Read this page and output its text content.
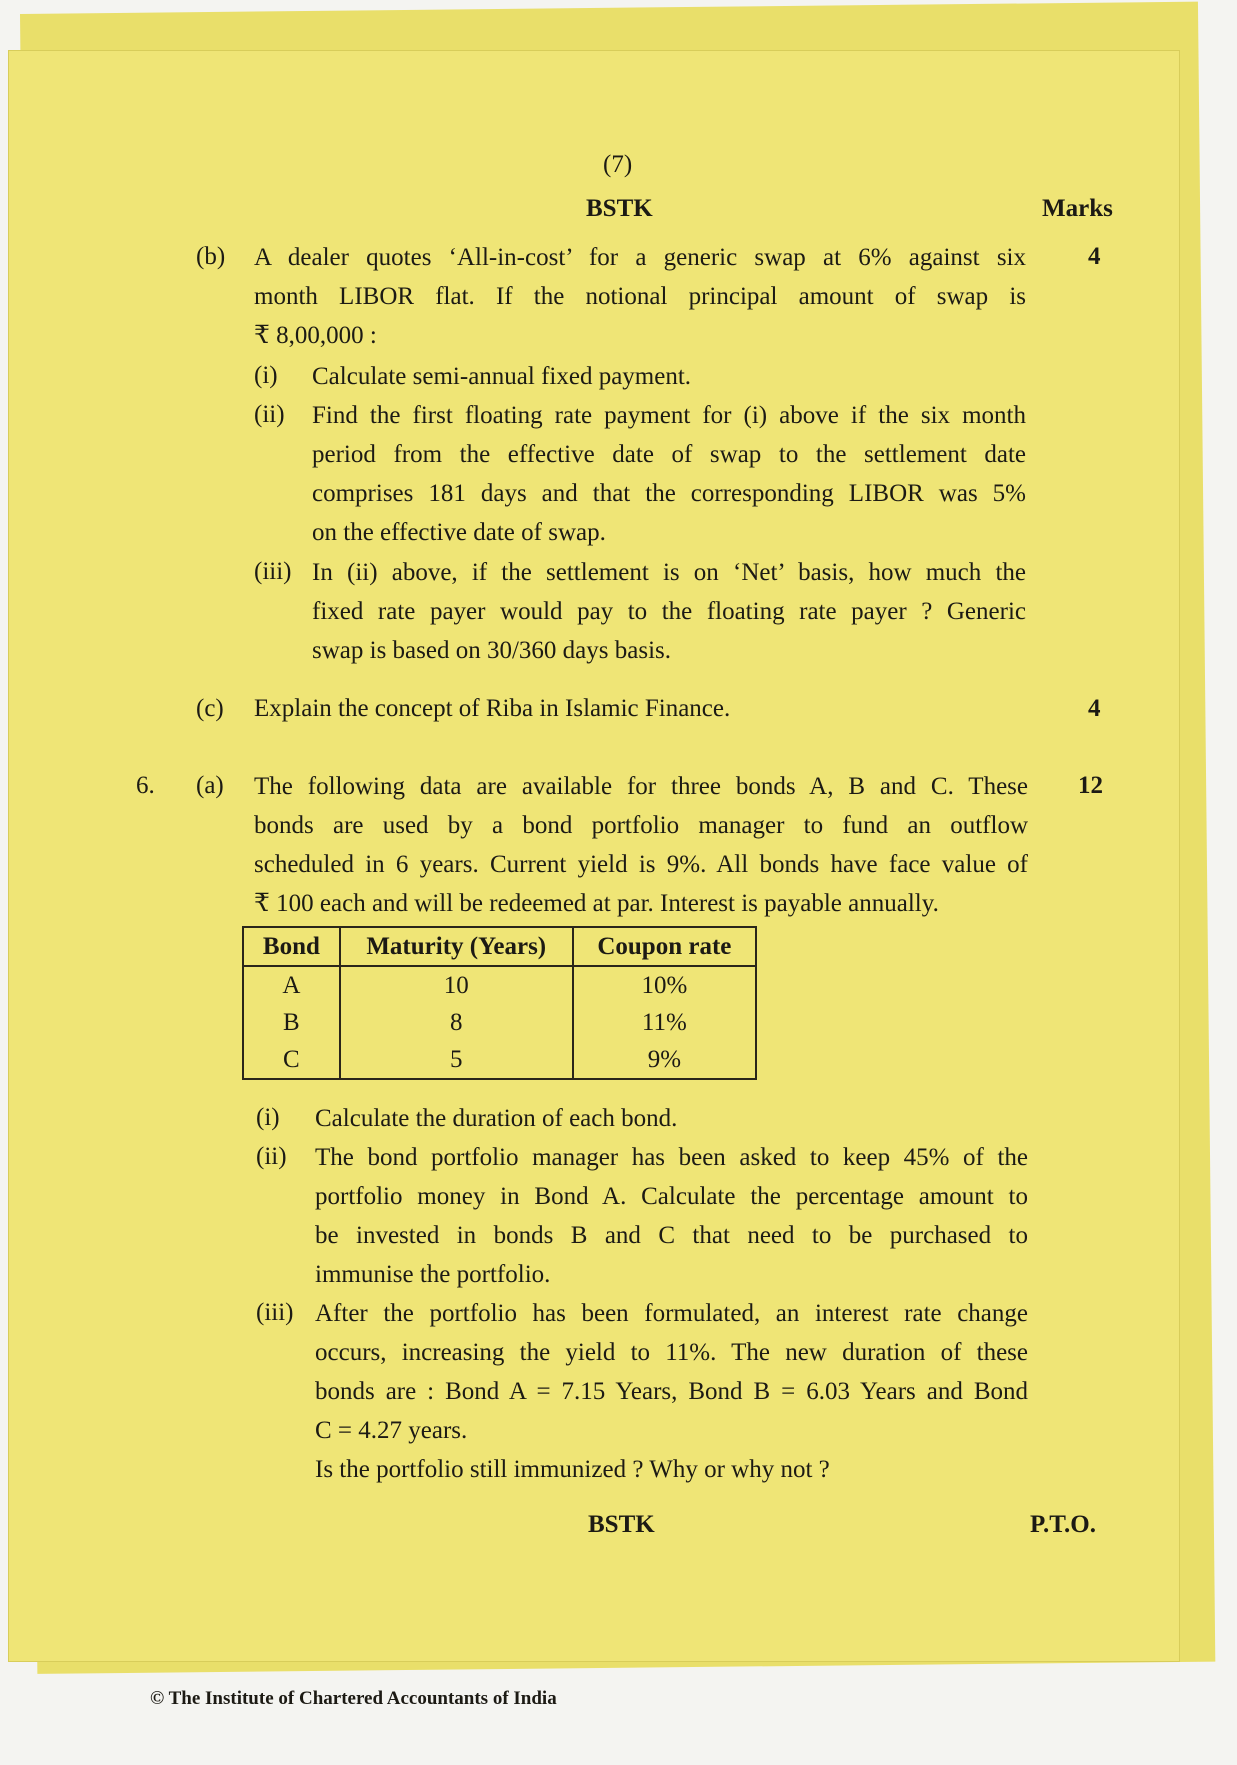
(7)
BSTK	Marks
(b)	4
A dealer quotes ‘All-in-cost’ for a generic swap at 6% against six
month LIBOR flat. If the notional principal amount of swap is
₹ 8,00,000 :
(i) Calculate semi-annual fixed payment.
(ii) Find the first floating rate payment for (i) above if the six month
period from the effective date of swap to the settlement date
comprises 181 days and that the corresponding LIBOR was 5%
on the effective date of swap.
(iii) In (ii) above, if the settlement is on ‘Net’ basis, how much the
fixed rate payer would pay to the floating rate payer ? Generic
swap is based on 30/360 days basis.
(c) Explain the concept of Riba in Islamic Finance.	4
6. (a)	12
The following data are available for three bonds A, B and C. These
bonds are used by a bond portfolio manager to fund an outflow
scheduled in 6 years. Current yield is 9%. All bonds have face value of
₹ 100 each and will be redeemed at par. Interest is payable annually.
Bond	Maturity (Years)	Coupon rate
A	10	10%
B	8	11%
C	5	9%
(i) Calculate the duration of each bond.
(ii) The bond portfolio manager has been asked to keep 45% of the
portfolio money in Bond A. Calculate the percentage amount to
be invested in bonds B and C that need to be purchased to
immunise the portfolio.
(iii) After the portfolio has been formulated, an interest rate change
occurs, increasing the yield to 11%. The new duration of these
bonds are : Bond A = 7.15 Years, Bond B = 6.03 Years and Bond
C = 4.27 years.
Is the portfolio still immunized ? Why or why not ?
BSTK	P.T.O.
© The Institute of Chartered Accountants of India
